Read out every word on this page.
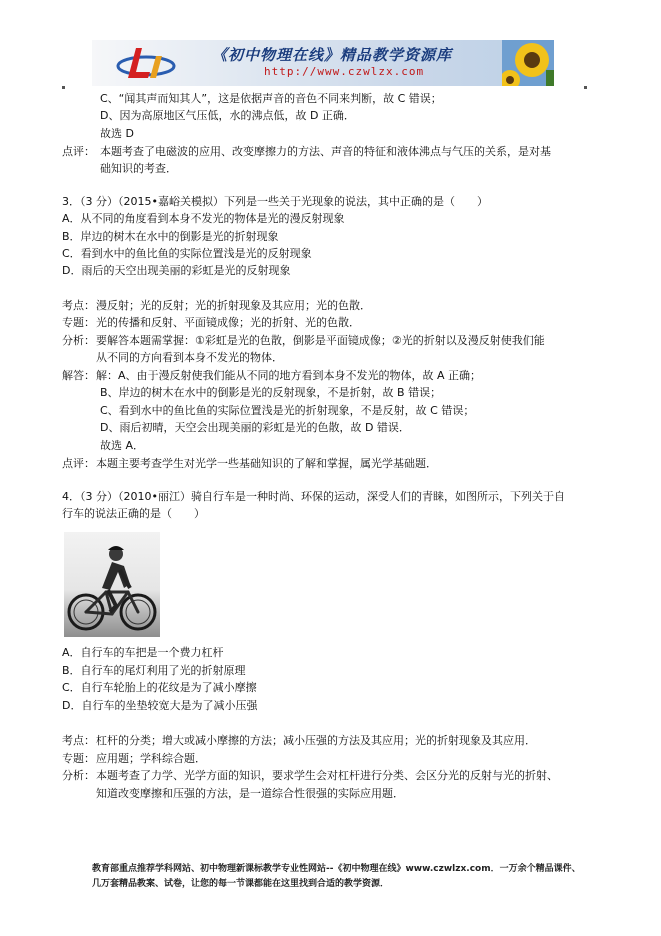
《初中物理在线》精品教学资源库
http://www.czwlzx.com
C、“闻其声而知其人”，这是依据声音的音色不同来判断，故 C 错误；
D、因为高原地区气压低，水的沸点低，故 D 正确．
故选 D
点评： 本题考查了电磁波的应用、改变摩擦力的方法、声音的特征和液体沸点与气压的关系，是对基
础知识的考查．
3．（3 分）（2015•嘉峪关模拟）下列是一些关于光现象的说法，其中正确的是（　　）
A．从不同的角度看到本身不发光的物体是光的漫反射现象
B．岸边的树木在水中的倒影是光的折射现象
C．看到水中的鱼比鱼的实际位置浅是光的反射现象
D．雨后的天空出现美丽的彩虹是光的反射现象
考点： 漫反射；光的反射；光的折射现象及其应用；光的色散．
专题： 光的传播和反射、平面镜成像；光的折射、光的色散．
分析： 要解答本题需掌握：①彩虹是光的色散，倒影是平面镜成像；②光的折射以及漫反射使我们能
从不同的方向看到本身不发光的物体．
解答： 解：A、由于漫反射使我们能从不同的地方看到本身不发光的物体，故 A 正确；
B、岸边的树木在水中的倒影是光的反射现象，不是折射，故 B 错误；
C、看到水中的鱼比鱼的实际位置浅是光的折射现象，不是反射，故 C 错误；
D、雨后初晴，天空会出现美丽的彩虹是光的色散，故 D 错误．
故选 A．
点评： 本题主要考查学生对光学一些基础知识的了解和掌握，属光学基础题．
4．（3 分）（2010•丽江）骑自行车是一种时尚、环保的运动，深受人们的青睐，如图所示，下列关于自
行车的说法正确的是（　　）
A．自行车的车把是一个费力杠杆
B．自行车的尾灯利用了光的折射原理
C．自行车轮胎上的花纹是为了减小摩擦
D．自行车的坐垫较宽大是为了减小压强
考点： 杠杆的分类；增大或减小摩擦的方法；减小压强的方法及其应用；光的折射现象及其应用．
专题： 应用题；学科综合题．
分析： 本题考查了力学、光学方面的知识，要求学生会对杠杆进行分类、会区分光的反射与光的折射、
知道改变摩擦和压强的方法，是一道综合性很强的实际应用题．
教育部重点推荐学科网站、初中物理新课标教学专业性网站--《初中物理在线》www.czwlzx.com．一万余个精品课件、
几万套精品教案、试卷，让您的每一节课都能在这里找到合适的教学资源．
